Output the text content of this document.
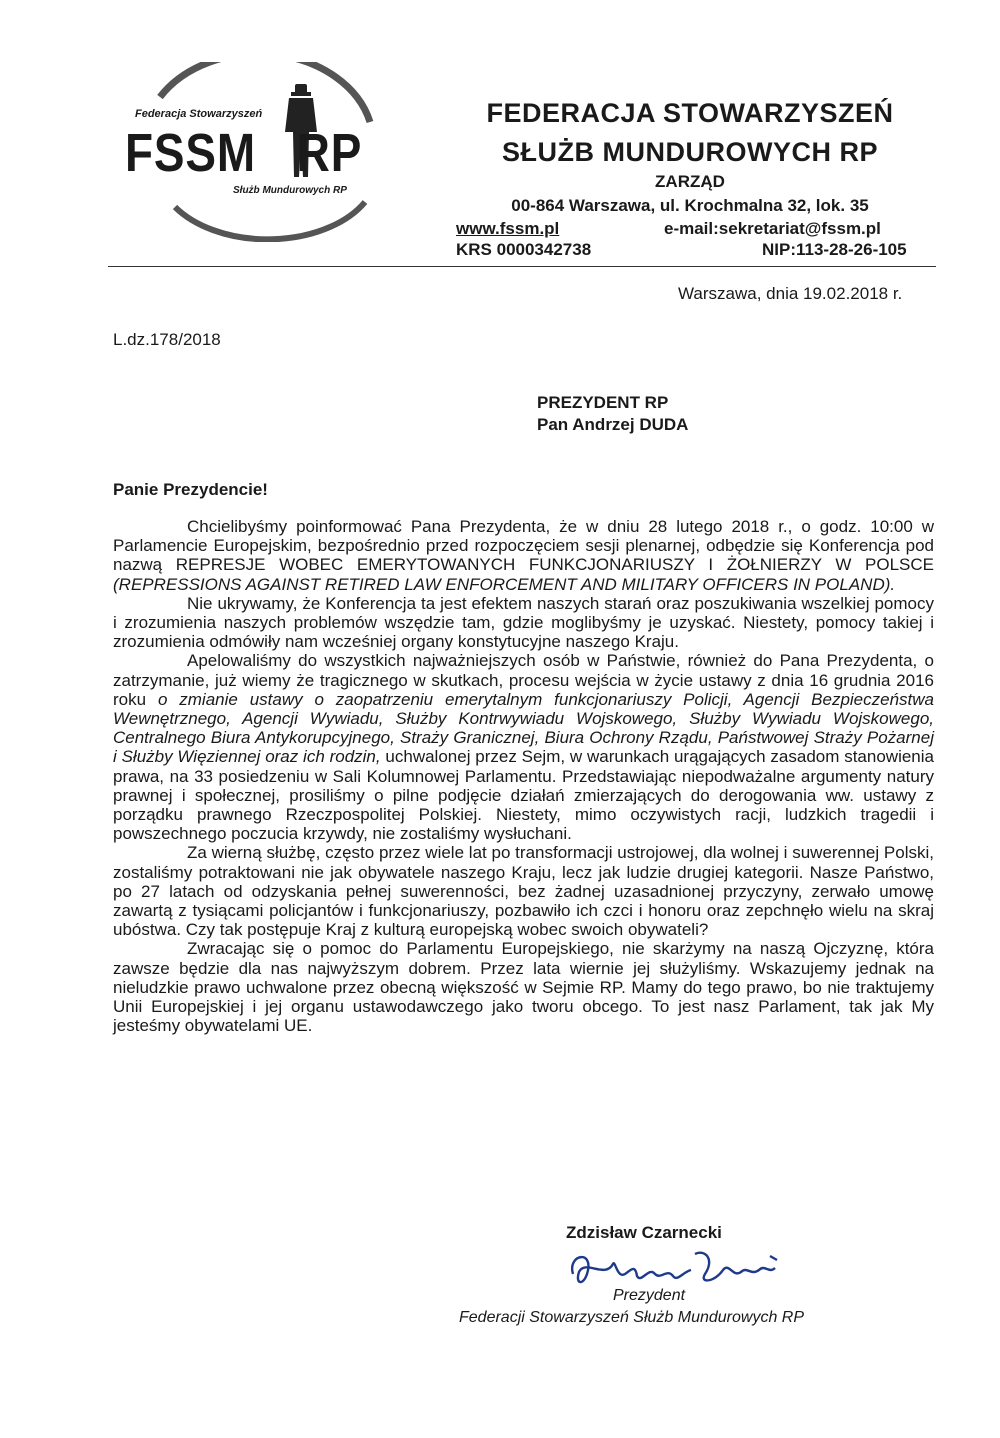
Federacja Stowarzyszeń
FSSM   RP
Służb Mundurowych RP
FEDERACJA STOWARZYSZEŃ
SŁUŻB MUNDUROWYCH RP
ZARZĄD
00-864 Warszawa, ul. Krochmalna 32, lok. 35
www.fssm.pl	e-mail:sekretariat@fssm.pl
KRS 0000342738	NIP:113-28-26-105
Warszawa, dnia 19.02.2018 r.
L.dz.178/2018
PREZYDENT RP
Pan Andrzej DUDA
Panie Prezydencie!

Chcielibyśmy poinformować Pana Prezydenta, że w dniu 28 lutego 2018 r., o godz. 10:00 w Parlamencie Europejskim, bezpośrednio przed rozpoczęciem sesji plenarnej, odbędzie się Konferencja pod nazwą REPRESJE WOBEC EMERYTOWANYCH FUNKCJONARIUSZY I ŻOŁNIERZY W POLSCE (REPRESSIONS AGAINST RETIRED LAW ENFORCEMENT AND MILITARY OFFICERS IN POLAND).

Nie ukrywamy, że Konferencja ta jest efektem naszych starań oraz poszukiwania wszelkiej pomocy i zrozumienia naszych problemów wszędzie tam, gdzie moglibyśmy je uzyskać. Niestety, pomocy takiej i zrozumienia odmówiły nam wcześniej organy konstytucyjne naszego Kraju.

Apelowaliśmy do wszystkich najważniejszych osób w Państwie, również do Pana Prezydenta, o zatrzymanie, już wiemy że tragicznego w skutkach, procesu wejścia w życie ustawy z dnia 16 grudnia 2016 roku o zmianie ustawy o zaopatrzeniu emerytalnym funkcjonariuszy Policji, Agencji Bezpieczeństwa Wewnętrznego, Agencji Wywiadu, Służby Kontrwywiadu Wojskowego, Służby Wywiadu Wojskowego, Centralnego Biura Antykorupcyjnego, Straży Granicznej, Biura Ochrony Rządu, Państwowej Straży Pożarnej i Służby Więziennej oraz ich rodzin, uchwalonej przez Sejm, w warunkach urągających zasadom stanowienia prawa, na 33 posiedzeniu w Sali Kolumnowej Parlamentu. Przedstawiając niepodważalne argumenty natury prawnej i społecznej, prosiliśmy o pilne podjęcie działań zmierzających do derogowania ww. ustawy z porządku prawnego Rzeczpospolitej Polskiej. Niestety, mimo oczywistych racji, ludzkich tragedii i powszechnego poczucia krzywdy, nie zostaliśmy wysłuchani.

Za wierną służbę, często przez wiele lat po transformacji ustrojowej, dla wolnej i suwerennej Polski, zostaliśmy potraktowani nie jak obywatele naszego Kraju, lecz jak ludzie drugiej kategorii. Nasze Państwo, po 27 latach od odzyskania pełnej suwerenności, bez żadnej uzasadnionej przyczyny, zerwało umowę zawartą z tysiącami policjantów i funkcjonariuszy, pozbawiło ich czci i honoru oraz zepchnęło wielu na skraj ubóstwa. Czy tak postępuje Kraj z kulturą europejską wobec swoich obywateli?

Zwracając się o pomoc do Parlamentu Europejskiego, nie skarżymy na naszą Ojczyznę, która zawsze będzie dla nas najwyższym dobrem. Przez lata wiernie jej służyliśmy. Wskazujemy jednak na nieludzkie prawo uchwalone przez obecną większość w Sejmie RP. Mamy do tego prawo, bo nie traktujemy Unii Europejskiej i jej organu ustawodawczego jako tworu obcego. To jest nasz Parlament, tak jak My jesteśmy obywatelami UE.

Zdzisław Czarnecki
Prezydent
Federacji Stowarzyszeń Służb Mundurowych RP
